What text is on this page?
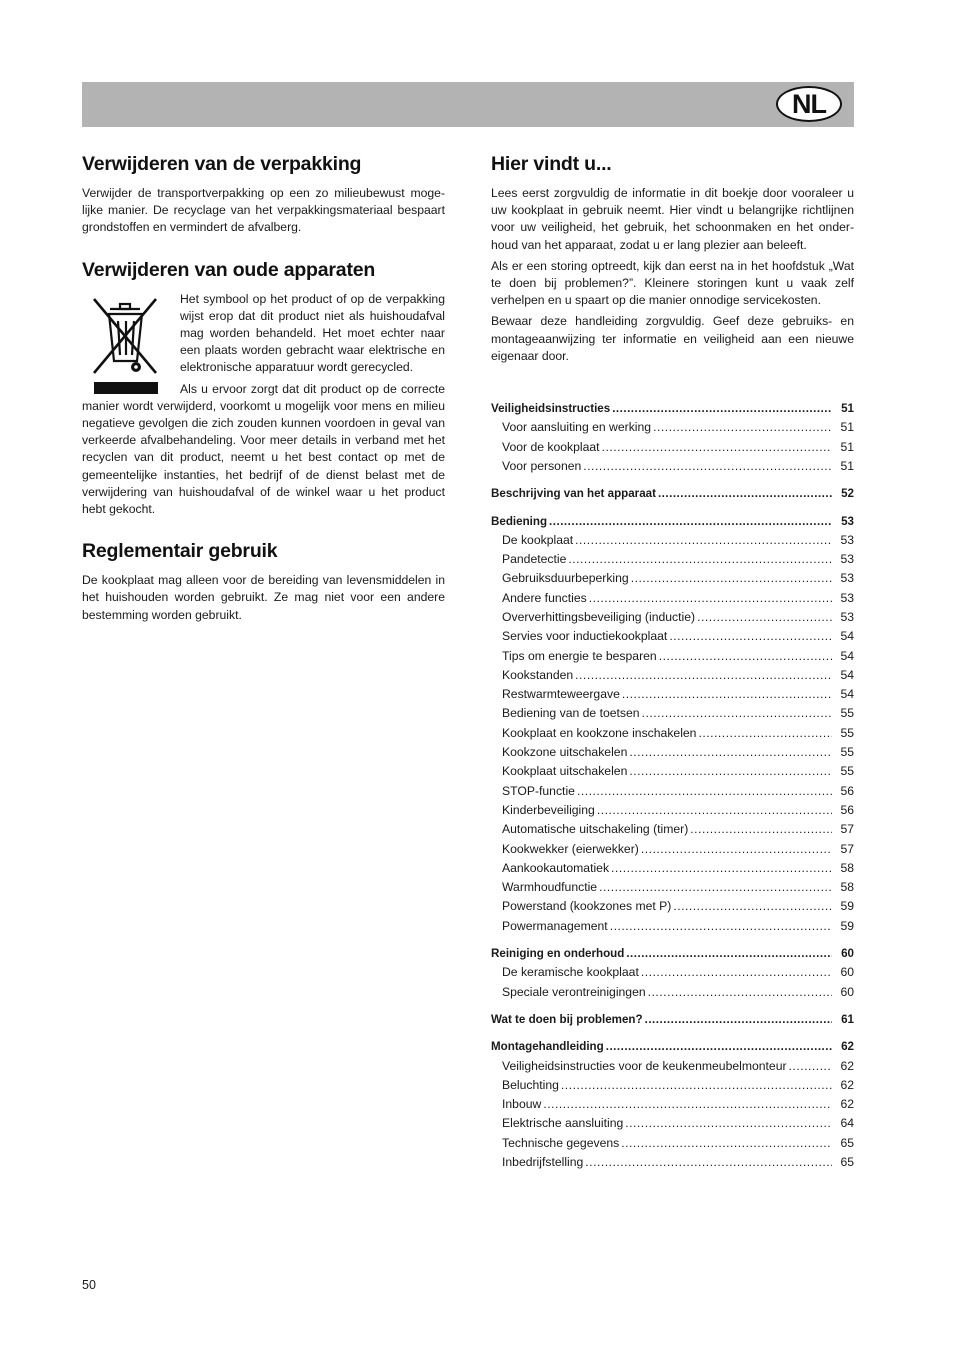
NL
Verwijderen van de verpakking

Verwijder de transportverpakking op een zo milieubewust mogelijke manier. De recyclage van het verpakkingsmateriaal bespaart grondstoffen en vermindert de afvalberg.

Verwijderen van oude apparaten

Het symbool op het product of op de verpakking wijst erop dat dit product niet als huishoudafval mag worden behandeld. Het moet echter naar een plaats worden gebracht waar elektrische en elektronische apparatuur wordt gerecycled.

Als u ervoor zorgt dat dit product op de correcte manier wordt verwijderd, voorkomt u mogelijk voor mens en milieu negatieve gevolgen die zich zouden kunnen voordoen in geval van verkeerde afvalbehandeling. Voor meer details in verband met het recyclen van dit product, neemt u het best contact op met de gemeentelijke instanties, het bedrijf of de dienst belast met de verwijdering van huishoudafval of de winkel waar u het product hebt gekocht.

Reglementair gebruik

De kookplaat mag alleen voor de bereiding van levensmiddelen in het huishouden worden gebruikt. Ze mag niet voor een andere bestemming worden gebruikt.

Hier vindt u...

Lees eerst zorgvuldig de informatie in dit boekje door vooraleer u uw kookplaat in gebruik neemt. Hier vindt u belangrijke richtlijnen voor uw veiligheid, het gebruik, het schoonmaken en het onderhoud van het apparaat, zodat u er lang plezier aan beleeft.

Als er een storing optreedt, kijk dan eerst na in het hoofdstuk „Wat te doen bij problemen?”. Kleinere storingen kunt u vaak zelf verhelpen en u spaart op die manier onnodige servicekosten.

Bewaar deze handleiding zorgvuldig. Geef deze gebruiks- en montageaanwijzing ter informatie en veiligheid aan een nieuwe eigenaar door.

Veiligheidsinstructies .....	51
Voor aansluiting en werking .....	51
Voor de kookplaat .....	51
Voor personen .....	51
Beschrijving van het apparaat .....	52
Bediening .....	53
De kookplaat .....	53
Pandetectie .....	53
Gebruiksduurbeperking .....	53
Andere functies .....	53
Oververhittingsbeveiliging (inductie) .....	53
Servies voor inductiekookplaat .....	54
Tips om energie te besparen .....	54
Kookstanden .....	54
Restwarmteweergave .....	54
Bediening van de toetsen .....	55
Kookplaat en kookzone inschakelen .....	55
Kookzone uitschakelen .....	55
Kookplaat uitschakelen .....	55
STOP-functie .....	56
Kinderbeveiliging .....	56
Automatische uitschakeling (timer) .....	57
Kookwekker (eierwekker) .....	57
Aankookautomatiek .....	58
Warmhoudfunctie .....	58
Powerstand (kookzones met P) .....	59
Powermanagement .....	59
Reiniging en onderhoud .....	60
De keramische kookplaat .....	60
Speciale verontreinigingen .....	60
Wat te doen bij problemen? .....	61
Montagehandleiding .....	62
Veiligheidsinstructies voor de keukenmeubelmonteur .....	62
Beluchting .....	62
Inbouw .....	62
Elektrische aansluiting .....	64
Technische gegevens .....	65
Inbedrijfstelling .....	65
50
